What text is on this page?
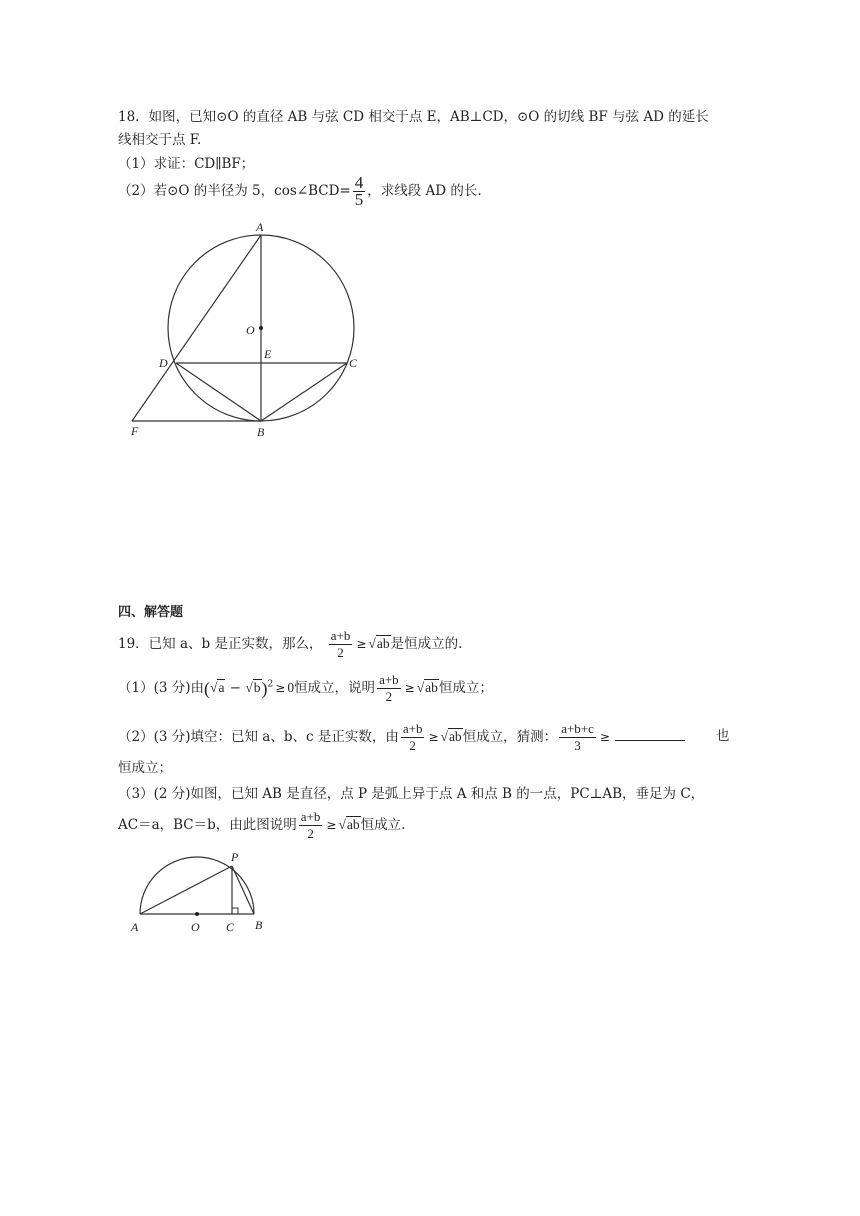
18．如图，已知⊙O 的直径 AB 与弦 CD 相交于点 E，AB⊥CD，⊙O 的切线 BF 与弦 AD 的延长
线相交于点 F.
（1）求证：CD∥BF；
（2）若⊙O 的半径为 5，cos∠BCD= $\frac{4}{5}$ ，求线段 AD 的长.
A
O
E
D	C
F	B
四、解答题
19．已知 a、b 是正实数，那么， $\frac{a+b}{2} \ge √ab$是恒成立的.
（1）(3 分)由$(√a - √b)^2 \ge 0$恒成立，说明 $\frac{a+b}{2} \ge √ab$恒成立；
（2）(3 分)填空：已知 a、b、c 是正实数，由 $\frac{a+b}{2} \ge √ab$恒成立，猜测： $\frac{a+b+c}{3}$ ≥	也
恒成立；
（3）(2 分)如图，已知 AB 是直径，点 P 是弧上异于点 A 和点 B 的一点，PC⊥AB，垂足为 C，
AC＝a，BC＝b，由此图说明 $\frac{a+b}{2} \ge √ab$恒成立.
P
A	O C B
